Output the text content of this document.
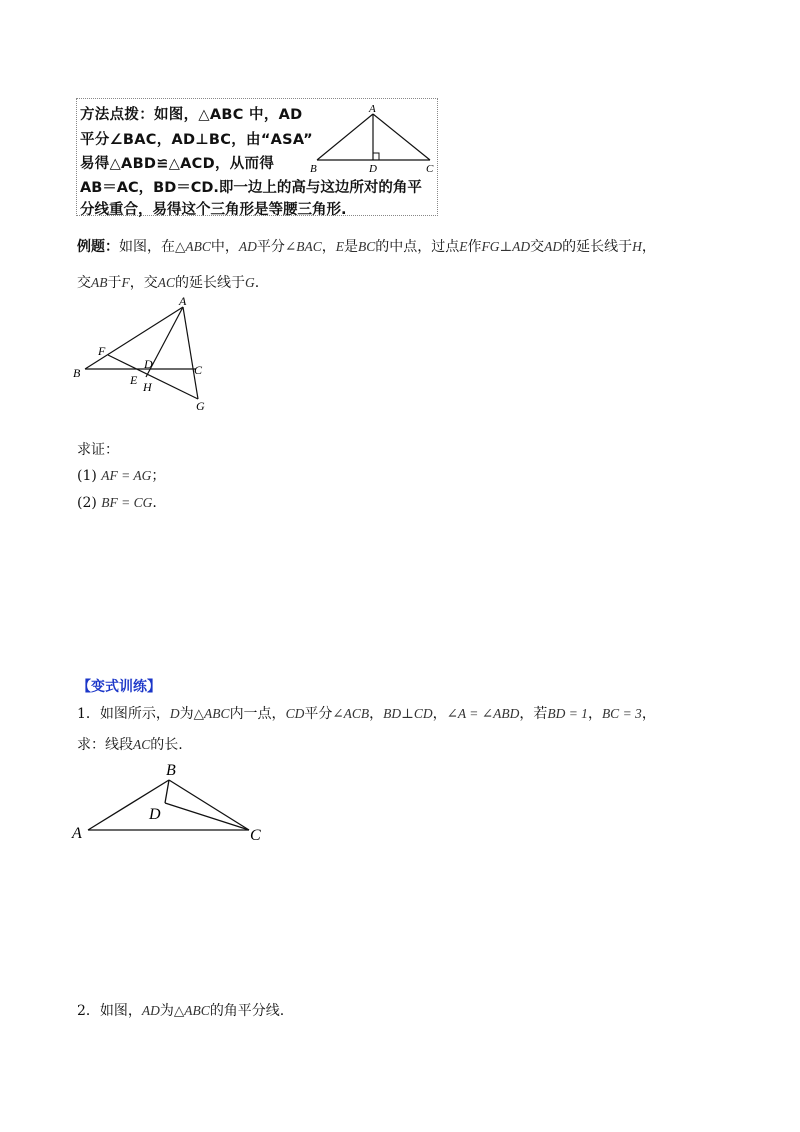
方法点拨：如图，△ABC 中，AD
平分∠BAC，AD⊥BC，由“ASA”
易得△ABD≌△ACD，从而得
AB＝AC，BD＝CD.即一边上的高与这边所对的角平
分线重合，易得这个三角形是等腰三角形.
A
B	D	C
例题：如图，在△ABC中，AD平分∠BAC，E是BC的中点，过点E作FG⊥AD交AD的延长线于H，
交AB于F，交AC的延长线于G.
A
B	C
D
E
F
G
H
求证：
(1) AF = AG；
(2) BF = CG.
【变式训练】
1．如图所示，D为△ABC内一点，CD平分∠ACB，BD⊥CD，∠A = ∠ABD，若BD = 1，BC = 3，
求：线段AC的长.
B
D
A	C
2．如图，AD为△ABC的角平分线.
